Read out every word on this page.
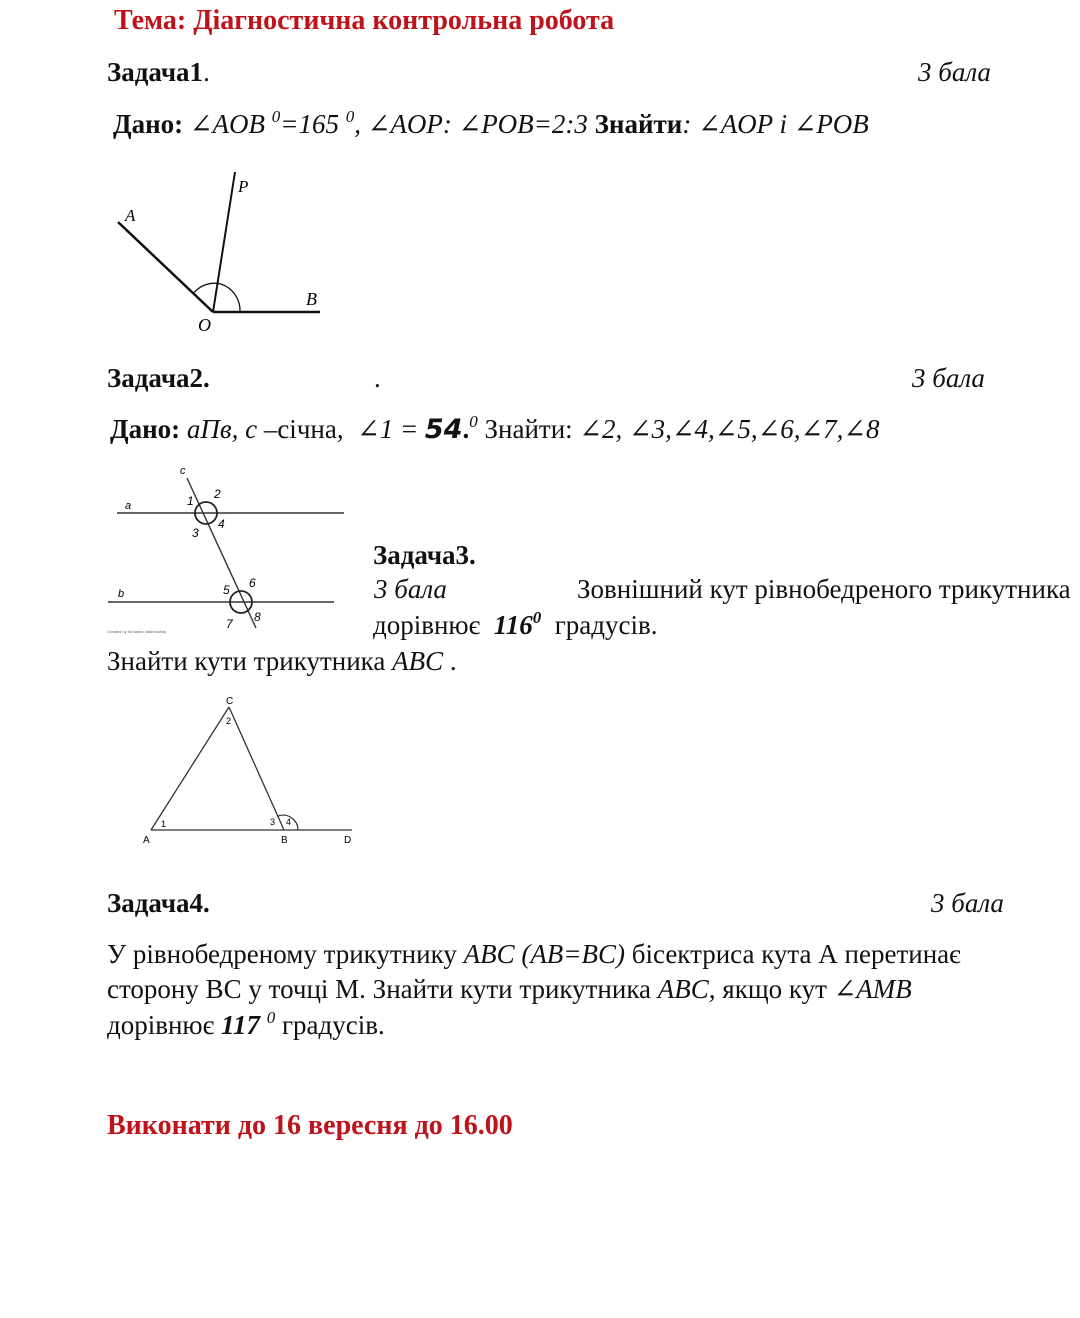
Тема: Діагностична контрольна робота
Задача1.	3 бала
Дано: ∠AOB $^0$=165 $^0$, ∠AOP: ∠POB=2:3 Знайти: ∠AOP і ∠POB
A
P
B
O
Задача2.	.	3 бала
Дано: aПв, c –січна, ∠1 = 54.$^0$ Знайти: ∠2, ∠3,∠4,∠5,∠6,∠7,∠8
c
a
b
1 2
3
4
5 6
7 8
Created by Kirnasha Valdmokhay
Задача3.
3 бала	Зовнішний кут рівнобедреного трикутника
дорівнює $116^0$ градусів.
Знайти кути трикутника ABC .
C
A	B	D
1
2
3 4
Задача4.	3 бала
У рівнобедреному трикутнику ABC (AB=BC) бісектриса кута А перетинає
сторону ВС у точці М. Знайти кути трикутника ABC, якщо кут ∠AMB
дорівнює 117 $^0$ градусів.
Виконати до 16 вересня до 16.00
